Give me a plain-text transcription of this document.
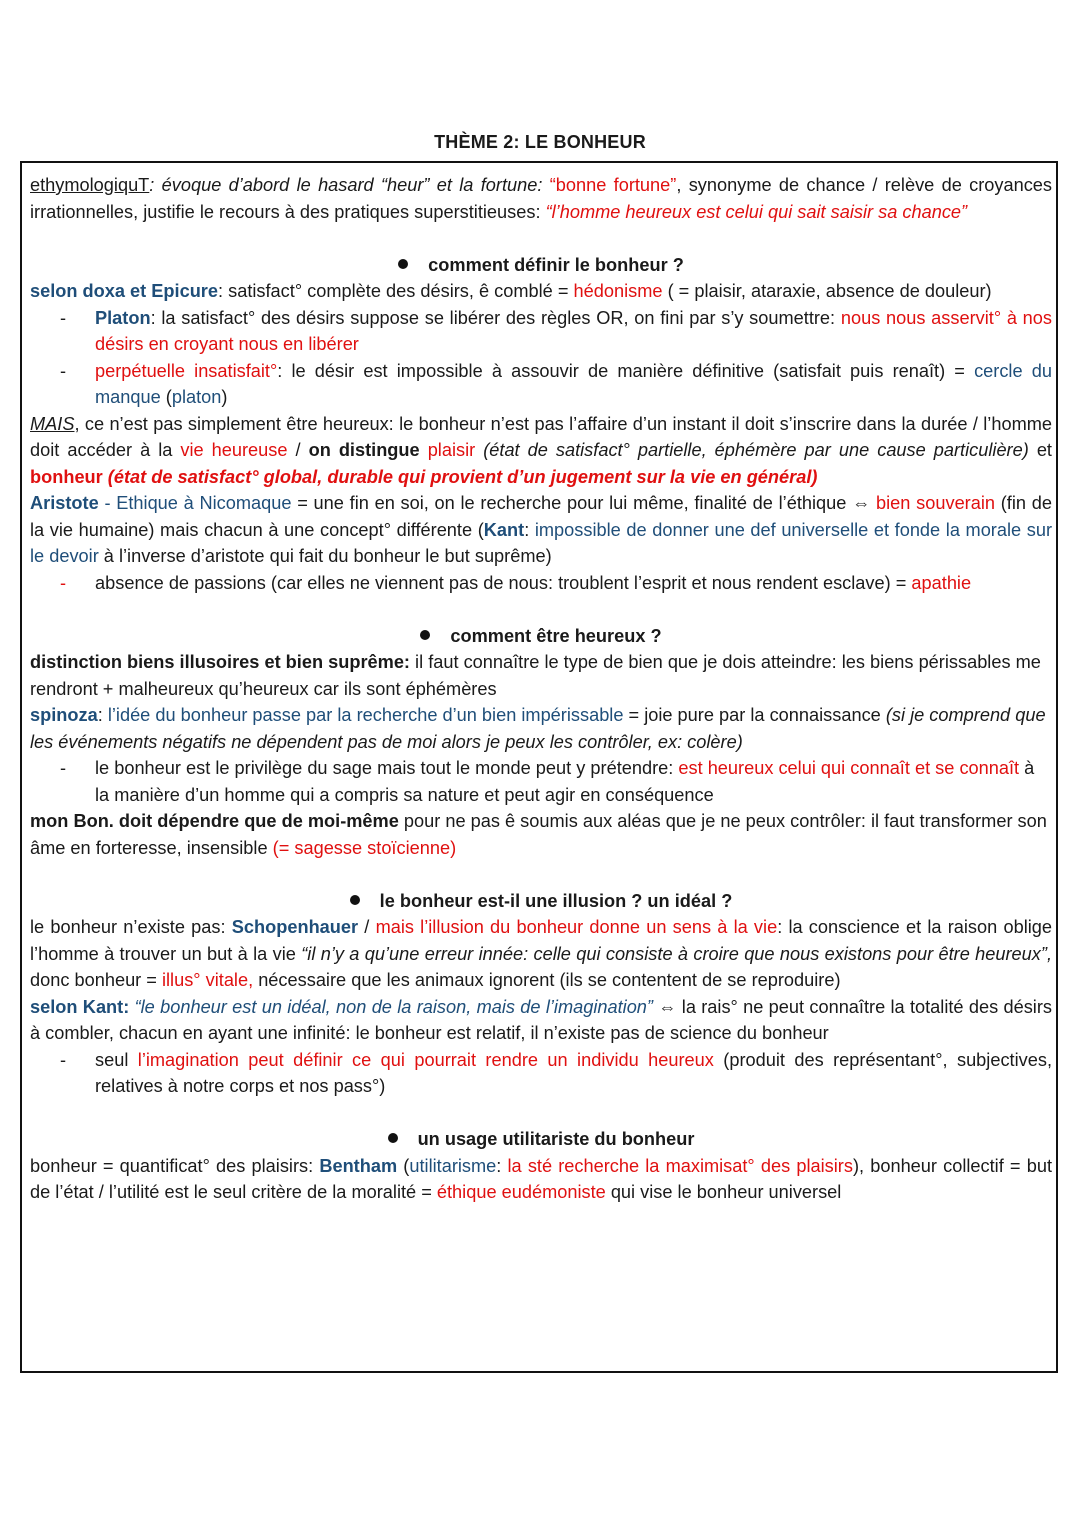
THÈME 2: LE BONHEUR

ethymologiquT: évoque d’abord le hasard “heur” et la fortune: “bonne fortune”, synonyme de chance / relève de croyances irrationnelles, justifie le recours à des pratiques superstitieuses: “l’homme heureux est celui qui sait saisir sa chance”

comment définir le bonheur ?

selon doxa et Epicure: satisfact° complète des désirs, ê comblé = hédonisme ( = plaisir, ataraxie, absence de douleur)

- Platon: la satisfact° des désirs suppose se libérer des règles OR, on fini par s’y soumettre: nous nous asservit° à nos désirs en croyant nous en libérer

- perpétuelle insatisfait°: le désir est impossible à assouvir de manière définitive (satisfait puis renaît) = cercle du manque (platon)

MAIS, ce n’est pas simplement être heureux: le bonheur n’est pas l’affaire d’un instant il doit s’inscrire dans la durée / l’homme doit accéder à la vie heureuse / on distingue plaisir (état de satisfact° partielle, éphémère par une cause particulière) et bonheur (état de satisfact° global, durable qui provient d’un jugement sur la vie en général)

Aristote - Ethique à Nicomaque = une fin en soi, on le recherche pour lui même, finalité de l’éthique ⇔ bien souverain (fin de la vie humaine) mais chacun à une concept° différente (Kant: impossible de donner une def universelle et fonde la morale sur le devoir à l’inverse d’aristote qui fait du bonheur le but suprême)

- absence de passions (car elles ne viennent pas de nous: troublent l’esprit et nous rendent esclave) = apathie

comment être heureux ?

distinction biens illusoires et bien suprême: il faut connaître le type de bien que je dois atteindre: les biens périssables me rendront + malheureux qu’heureux car ils sont éphémères

spinoza: l’idée du bonheur passe par la recherche d’un bien impérissable = joie pure par la connaissance (si je comprend que les événements négatifs ne dépendent pas de moi alors je peux les contrôler, ex: colère)

- le bonheur est le privilège du sage mais tout le monde peut y prétendre: est heureux celui qui connaît et se connaît à la manière d’un homme qui a compris sa nature et peut agir en conséquence

mon Bon. doit dépendre que de moi-même pour ne pas ê soumis aux aléas que je ne peux contrôler: il faut transformer son âme en forteresse, insensible (= sagesse stoïcienne)

le bonheur est-il une illusion ? un idéal ?

le bonheur n’existe pas: Schopenhauer / mais l’illusion du bonheur donne un sens à la vie: la conscience et la raison oblige l’homme à trouver un but à la vie “il n’y a qu’une erreur innée: celle qui consiste à croire que nous existons pour être heureux”, donc bonheur = illus° vitale, nécessaire que les animaux ignorent (ils se contentent de se reproduire)

selon Kant: “le bonheur est un idéal, non de la raison, mais de l’imagination” ⇔ la rais° ne peut connaître la totalité des désirs à combler, chacun en ayant une infinité: le bonheur est relatif, il n’existe pas de science du bonheur

- seul l’imagination peut définir ce qui pourrait rendre un individu heureux (produit des représentant°, subjectives, relatives à notre corps et nos pass°)

un usage utilitariste du bonheur

bonheur = quantificat° des plaisirs: Bentham (utilitarisme: la sté recherche la maximisat° des plaisirs), bonheur collectif = but de l’état / l’utilité est le seul critère de la moralité = éthique eudémoniste qui vise le bonheur universel
